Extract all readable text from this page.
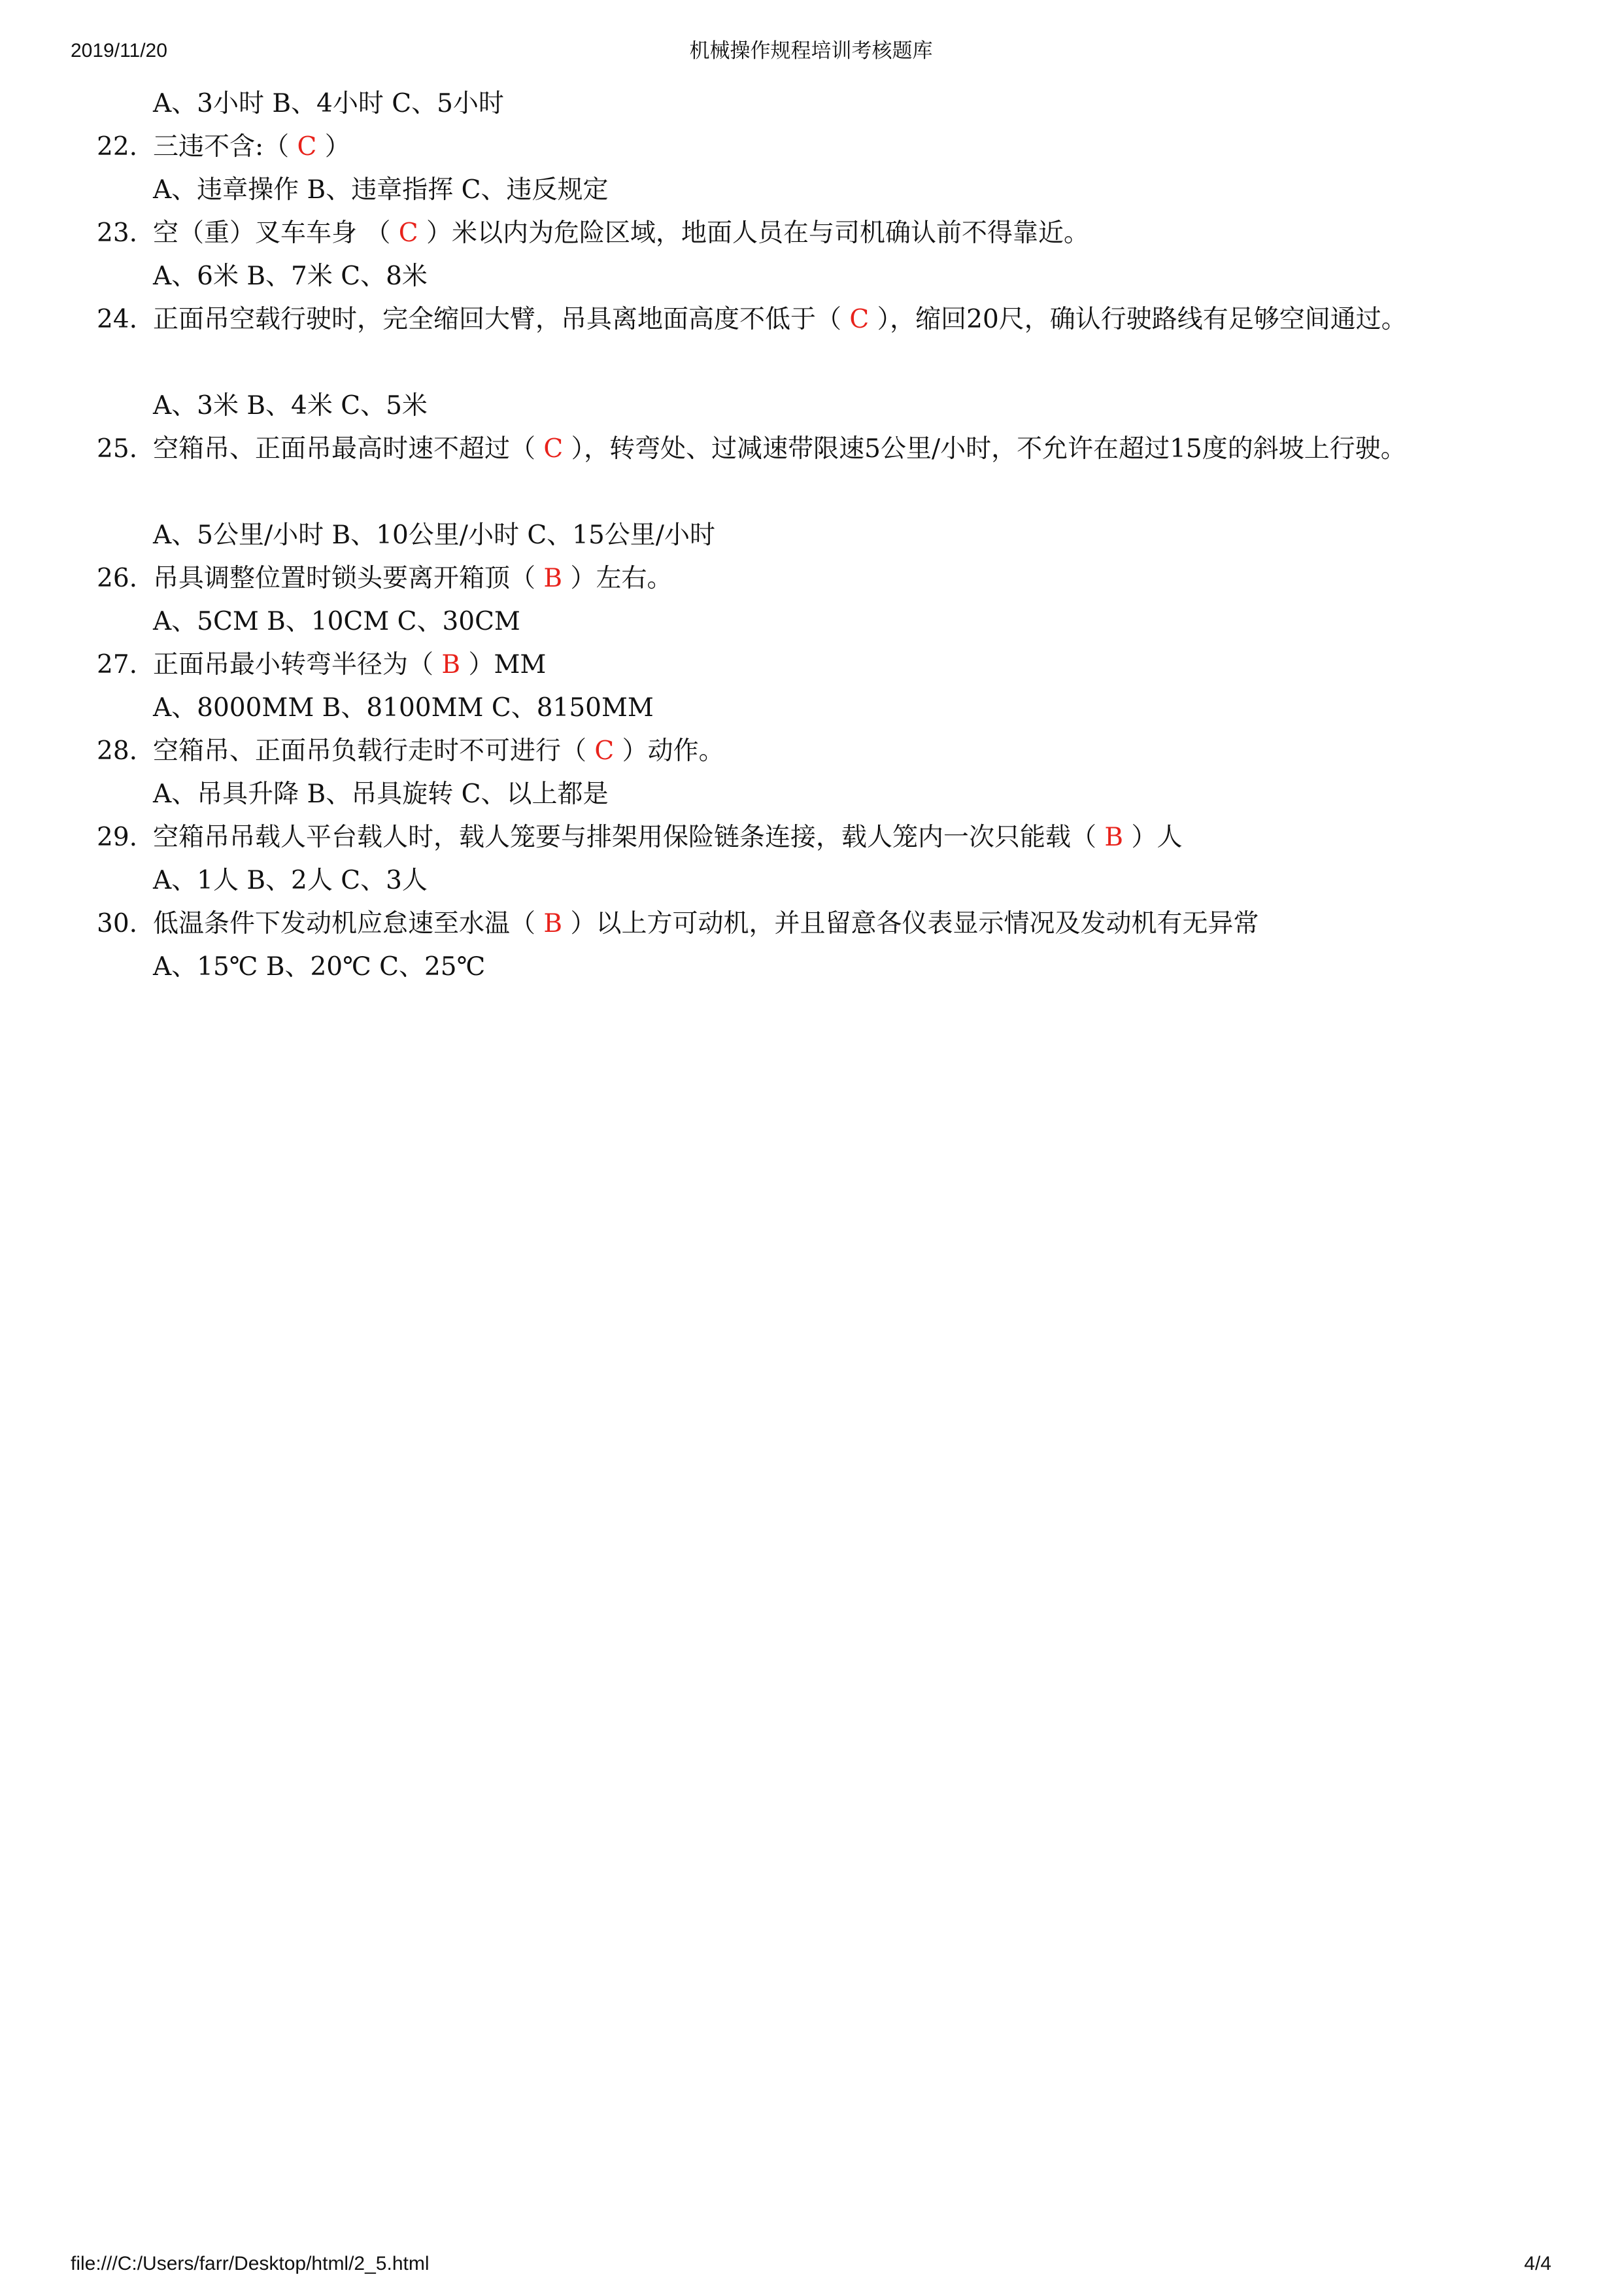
2019/11/20	机械操作规程培训考核题库
A、3小时 B、4小时 C、5小时
22. 三违不含:（ C ）
A、违章操作 B、违章指挥 C、违反规定
23. 空（重）叉车车身 （ C ）米以内为危险区域，地面人员在与司机确认前不得靠近。
A、6米 B、7米 C、8米
24. 正面吊空载行驶时，完全缩回大臂，吊具离地面高度不低于（ C ），缩回20尺，确认行驶路线有足够空间通过。
A、3米 B、4米 C、5米
25. 空箱吊、正面吊最高时速不超过（ C ），转弯处、过减速带限速5公里/小时，不允许在超过15度的斜坡上行驶。
A、5公里/小时 B、10公里/小时 C、15公里/小时
26. 吊具调整位置时锁头要离开箱顶（ B ）左右。
A、5CM B、10CM C、30CM
27. 正面吊最小转弯半径为（ B ）MM
A、8000MM B、8100MM C、8150MM
28. 空箱吊、正面吊负载行走时不可进行（ C ）动作。
A、吊具升降 B、吊具旋转 C、以上都是
29. 空箱吊吊载人平台载人时，载人笼要与排架用保险链条连接，载人笼内一次只能载（ B ）人
A、1人 B、2人 C、3人
30. 低温条件下发动机应怠速至水温（ B ）以上方可动机，并且留意各仪表显示情况及发动机有无异常
A、15℃ B、20℃ C、25℃
file:///C:/Users/farr/Desktop/html/2_5.html	4/4
